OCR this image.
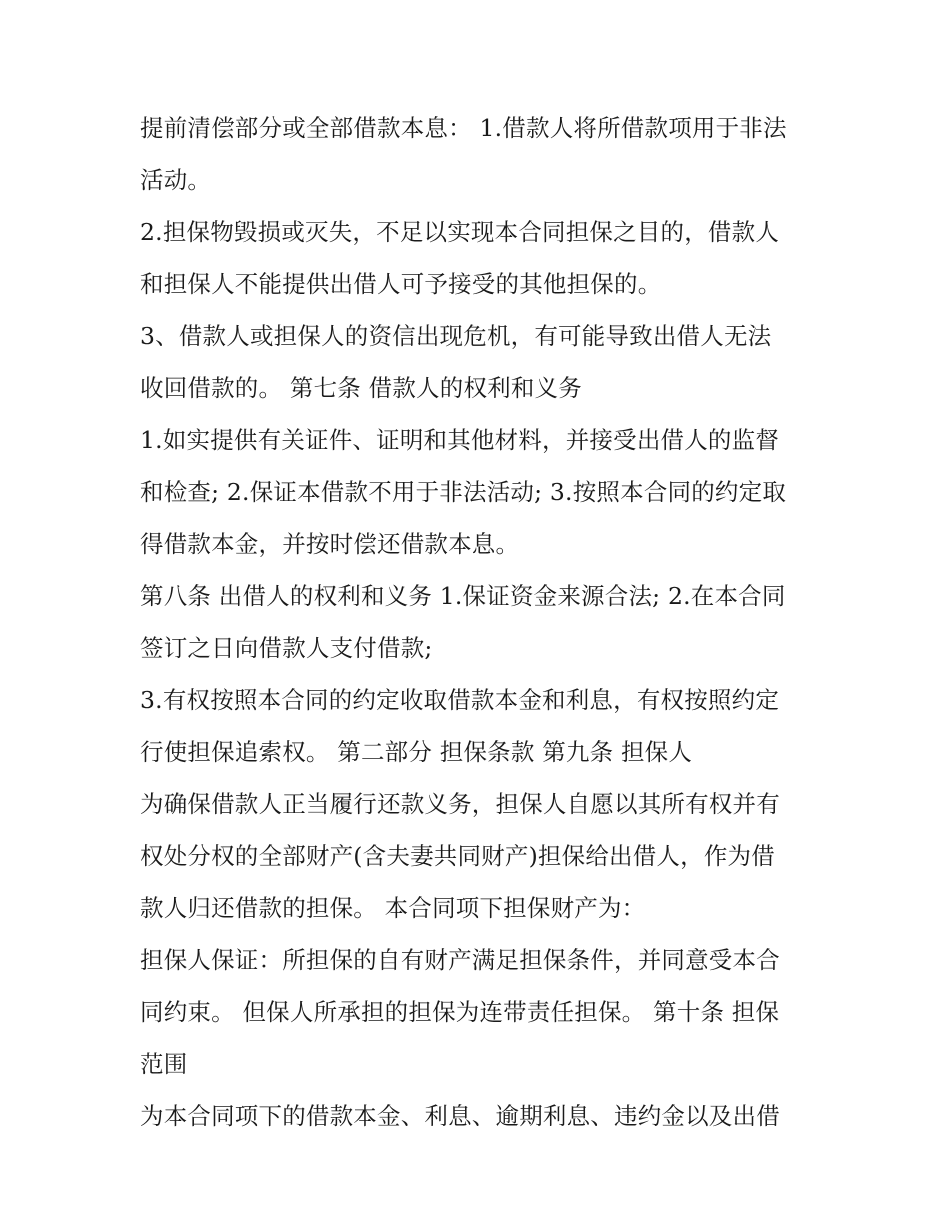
提前清偿部分或全部借款本息： 1.借款人将所借款项用于非法
活动。
2.担保物毁损或灭失，不足以实现本合同担保之目的，借款人
和担保人不能提供出借人可予接受的其他担保的。
3、借款人或担保人的资信出现危机，有可能导致出借人无法
收回借款的。 第七条 借款人的权利和义务
1.如实提供有关证件、证明和其他材料，并接受出借人的监督
和检查; 2.保证本借款不用于非法活动; 3.按照本合同的约定取
得借款本金，并按时偿还借款本息。
第八条 出借人的权利和义务 1.保证资金来源合法; 2.在本合同
签订之日向借款人支付借款;
3.有权按照本合同的约定收取借款本金和利息，有权按照约定
行使担保追索权。 第二部分 担保条款 第九条 担保人
为确保借款人正当履行还款义务，担保人自愿以其所有权并有
权处分权的全部财产(含夫妻共同财产)担保给出借人，作为借
款人归还借款的担保。 本合同项下担保财产为：
担保人保证：所担保的自有财产满足担保条件，并同意受本合
同约束。 但保人所承担的担保为连带责任担保。 第十条 担保
范围
为本合同项下的借款本金、利息、逾期利息、违约金以及出借
